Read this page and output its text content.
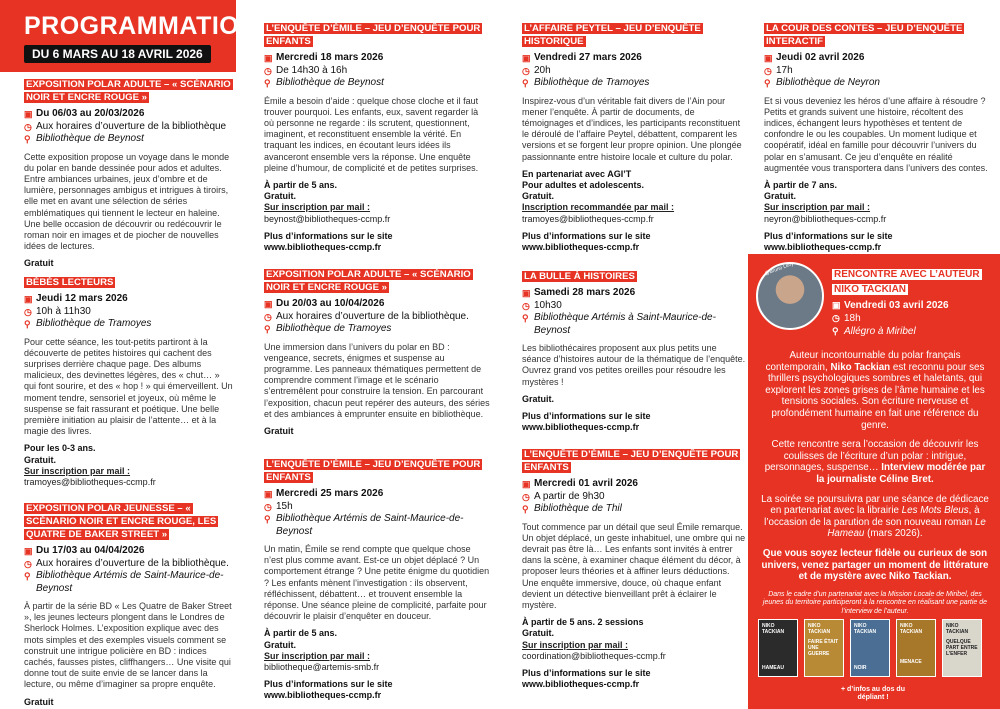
PROGRAMMATION
DU 6 MARS AU 18 AVRIL 2026
EXPOSITION POLAR ADULTE – « SCÉNARIO NOIR ET ENCRE ROUGE »
▣ Du 06/03 au 20/03/2026
◷ Aux horaires d’ouverture de la bibliothèque
⚲ Bibliothèque de Beynost
Cette exposition propose un voyage dans le monde du polar en bande dessinée pour ados et adultes. Entre ambiances urbaines, jeux d’ombre et de lumière, personnages ambigus et intrigues à tiroirs, elle met en avant une sélection de séries emblématiques qui tiennent le lecteur en haleine. Une belle occasion de découvrir ou redécouvrir le roman noir en images et de piocher de nouvelles idées de lectures.
Gratuit
BÉBÉS LECTEURS
▣ Jeudi 12 mars 2026
◷ 10h à 11h30
⚲ Bibliothèque de Tramoyes
Pour cette séance, les tout-petits partiront à la découverte de petites histoires qui cachent des surprises derrière chaque page. Des albums malicieux, des devinettes légères, des « chut… » qui font sourire, et des « hop ! » qui émerveillent. Un moment tendre, sensoriel et joyeux, où même le suspense se fait rassurant et poétique. Une belle première initiation au plaisir de l’attente… et à la magie des livres.
Pour les 0-3 ans.
Gratuit.
Sur inscription par mail :
tramoyes@bibliotheques-ccmp.fr
EXPOSITION POLAR JEUNESSE – « SCÉNARIO NOIR ET ENCRE ROUGE, LES QUATRE DE BAKER STREET »
▣ Du 17/03 au 04/04/2026
◷ Aux horaires d’ouverture de la bibliothèque.
⚲ Bibliothèque Artémis de Saint-Maurice-de-Beynost
À partir de la série BD « Les Quatre de Baker Street », les jeunes lecteurs plongent dans le Londres de Sherlock Holmes. L’exposition explique avec des mots simples et des exemples visuels comment se construit une intrigue policière en BD : indices cachés, fausses pistes, cliffhangers… Une visite qui donne tout de suite envie de se lancer dans la lecture, ou même d’imaginer sa propre enquête.
Gratuit
L’ENQUÊTE D’ÉMILE – JEU D’ENQUÊTE POUR ENFANTS
▣ Mercredi 18 mars 2026
◷ De 14h30 à 16h
⚲ Bibliothèque de Beynost
Émile a besoin d’aide : quelque chose cloche et il faut trouver pourquoi. Les enfants, eux, savent regarder là où personne ne regarde : ils scrutent, questionnent, imaginent, et reconstituent ensemble la vérité. En traquant les indices, en écoutant leurs idées ils avanceront ensemble vers la réponse. Une enquête pleine d’humour, de complicité et de petites surprises.
À partir de 5 ans.
Gratuit.
Sur inscription par mail :
beynost@bibliotheques-ccmp.fr
Plus d’informations sur le site
www.bibliotheques-ccmp.fr
EXPOSITION POLAR ADULTE – « SCÉNARIO NOIR ET ENCRE ROUGE »
▣ Du 20/03 au 10/04/2026
◷ Aux horaires d’ouverture de la bibliothèque.
⚲ Bibliothèque de Tramoyes
Une immersion dans l’univers du polar en BD : vengeance, secrets, énigmes et suspense au programme. Les panneaux thématiques permettent de comprendre comment l’image et le scénario s’entremêlent pour construire la tension. En parcourant l’exposition, chacun peut repérer des auteurs, des séries et des ambiances à emprunter ensuite en bibliothèque.
Gratuit
L’ENQUÊTE D’ÉMILE – JEU D’ENQUÊTE POUR ENFANTS
▣ Mercredi 25 mars 2026
◷ 15h
⚲ Bibliothèque Artémis de Saint-Maurice-de-Beynost
Un matin, Émile se rend compte que quelque chose n’est plus comme avant. Est-ce un objet déplacé ? Un comportement étrange ? Une petite énigme du quotidien ? Les enfants mènent l’investigation : ils observent, réfléchissent, débattent… et trouvent ensemble la réponse. Une séance pleine de complicité, parfaite pour découvrir le plaisir d’enquêter en douceur.
À partir de 5 ans.
Gratuit.
Sur inscription par mail :
bibliotheque@artemis-smb.fr
Plus d’informations sur le site
www.bibliotheques-ccmp.fr
L’AFFAIRE PEYTEL – JEU D’ENQUÊTE HISTORIQUE
▣ Vendredi 27 mars 2026
◷ 20h
⚲ Bibliothèque de Tramoyes
Inspirez-vous d’un véritable fait divers de l’Ain pour mener l’enquête. À partir de documents, de témoignages et d’indices, les participants reconstituent le déroulé de l’affaire Peytel, débattent, comparent les versions et se forgent leur propre opinion. Une plongée passionnante entre histoire locale et culture du polar.
En partenariat avec AGI’T
Pour adultes et adolescents.
Gratuit.
Inscription recommandée par mail :
tramoyes@bibliotheques-ccmp.fr
Plus d’informations sur le site
www.bibliotheques-ccmp.fr
LA BULLE À HISTOIRES
▣ Samedi 28 mars 2026
◷ 10h30
⚲ Bibliothèque Artémis à Saint-Maurice-de-Beynost
Les bibliothécaires proposent aux plus petits une séance d’histoires autour de la thématique de l’enquête. Ouvrez grand vos petites oreilles pour résoudre les mystères !
Gratuit.
Plus d’informations sur le site
www.bibliotheques-ccmp.fr
L’ENQUÊTE D’ÉMILE – JEU D’ENQUÊTE POUR ENFANTS
▣ Mercredi 01 avril 2026
◷ A partir de 9h30
⚲ Bibliothèque de Thil
Tout commence par un détail que seul Émile remarque. Un objet déplacé, un geste inhabituel, une ombre qui ne devrait pas être là… Les enfants sont invités à entrer dans la scène, à examiner chaque élément du décor, à proposer leurs théories et à affiner leurs déductions. Une enquête immersive, douce, où chaque enfant devient un détective bienveillant prêt à éclairer le mystère.
À partir de 5 ans. 2 sessions
Gratuit.
Sur inscription par mail :
coordination@bibliotheques-ccmp.fr
Plus d’informations sur le site
www.bibliotheques-ccmp.fr
LA COUR DES CONTES – JEU D’ENQUÊTE INTERACTIF
▣ Jeudi 02 avril 2026
◷ 17h
⚲ Bibliothèque de Neyron
Et si vous deveniez les héros d’une affaire à résoudre ? Petits et grands suivent une histoire, récoltent des indices, échangent leurs hypothèses et tentent de confondre le ou les coupables. Un moment ludique et coopératif, idéal en famille pour découvrir l’univers du polar en s’amusant. Ce jeu d’enquête en réalité augmentée vous transportera dans l’univers des contes.
À partir de 7 ans.
Gratuit.
Sur inscription par mail :
neyron@bibliotheques-ccmp.fr
Plus d’informations sur le site
www.bibliotheques-ccmp.fr
@Bruno Levy	RENCONTRE AVEC L’AUTEUR NIKO TACKIAN
▣ Vendredi 03 avril 2026
◷ 18h
⚲ Allégro à Miribel

Auteur incontournable du polar français contemporain, Niko Tackian est reconnu pour ses thrillers psychologiques sombres et haletants, qui explorent les zones grises de l’âme humaine et les tensions sociales. Son écriture nerveuse et profondément humaine en fait une référence du genre.

Cette rencontre sera l’occasion de découvrir les coulisses de l’écriture d’un polar : intrigue, personnages, suspense… Interview modérée par la journaliste Céline Bret.

La soirée se poursuivra par une séance de dédicace en partenariat avec la librairie Les Mots Bleus, à l’occasion de la parution de son nouveau roman Le Hameau (mars 2026).

Que vous soyez lecteur fidèle ou curieux de son univers, venez partager un moment de littérature et de mystère avec Niko Tackian.

Dans le cadre d’un partenariat avec la Mission Locale de Miribel, des jeunes du territoire participeront à la rencontre en réalisant une partie de l’interview de l’auteur.

NIKO TACKIAN
HAMEAU
NIKO TACKIAN
FAIRE ÉTAIT UNE GUERRE
NIKO TACKIAN
NOIR
NIKO TACKIAN
MENACE
NIKO TACKIAN
QUELQUE PART ENTRE L’ENFER
+ d’infos au dos du dépliant !
